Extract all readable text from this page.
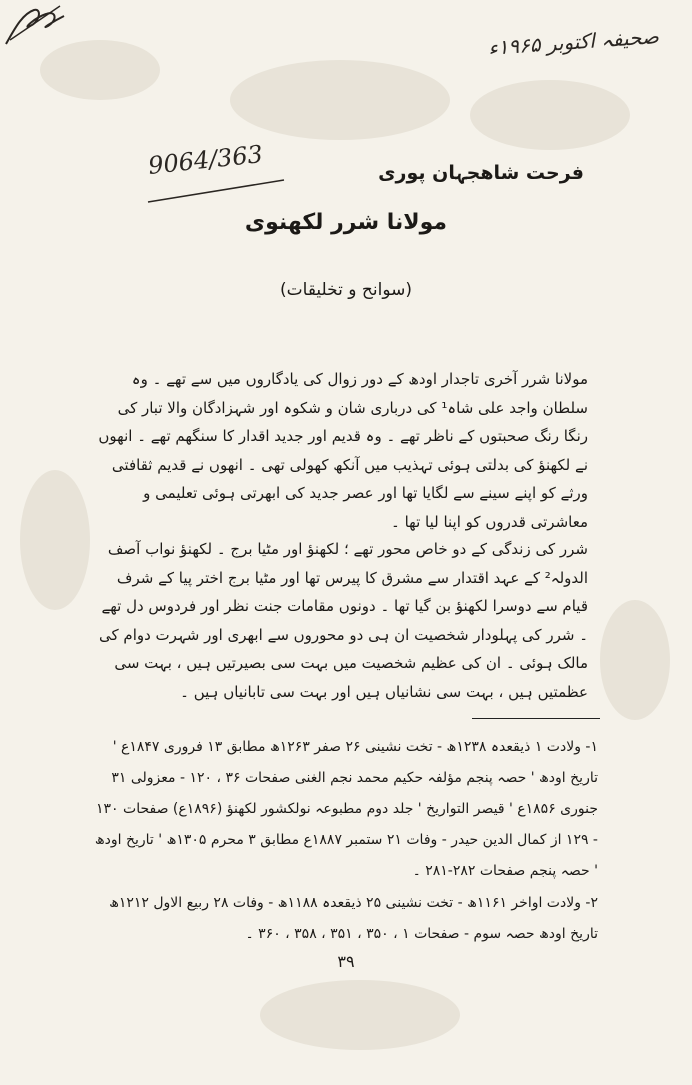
صحيفہ اکتوبر ۱۹۶۵ء
9064/363	فرحت شاهجہان پوری
مولانا شرر لکھنوی
(سوانح و تخلیقات)
مولانا شرر آخری تاجدار اودھ کے دور زوال کی یادگاروں میں سے تھے ۔ وہ سلطان واجد علی شاہ¹ کی درباری شان و شکوہ اور شہزادگان والا تبار کی رنگا رنگ صحبتوں کے ناظر تھے ۔ وہ قدیم اور جدید اقدار کا سنگھم تھے ۔ انھوں نے لکھنؤ کی بدلتی ہوئی تہذیب میں آنکھ کھولی تھی ۔ انھوں نے قدیم ثقافتی ورثے کو اپنے سینے سے لگایا تھا اور عصر جدید کی ابھرتی ہوئی تعلیمی و معاشرتی قدروں کو اپنا لیا تھا ۔
شرر کی زندگی کے دو خاص محور تھے ؛ لکھنؤ اور مٹیا برج ۔ لکھنؤ نواب آصف الدولہ² کے عہد اقتدار سے مشرق کا پیرس تھا اور مٹیا برج اختر پیا کے شرف قیام سے دوسرا لکھنؤ بن گیا تھا ۔ دونوں مقامات جنت نظر اور فردوس دل تھے ۔ شرر کی پہلودار شخصیت ان ہی دو محوروں سے ابھری اور شہرت دوام کی مالک ہوئی ۔ ان کی عظیم شخصیت میں بہت سی بصیرتیں ہیں ، بہت سی عظمتیں ہیں ، بہت سی نشانیاں ہیں اور بہت سی تابانیاں ہیں ۔
۱- ولادت ۱ ذیقعدہ ۱۲۳۸ھ - تخت نشینی ۲۶ صفر ۱۲۶۳ھ مطابق ۱۳ فروری ۱۸۴۷ع ' تاریخ اودھ ' حصہ پنجم مؤلفہ حکیم محمد نجم الغنی صفحات ۳۶ ، ۱۲۰ - معزولی ۳۱ جنوری ۱۸۵۶ع ' قیصر التواریخ ' جلد دوم مطبوعہ نولکشور لکھنؤ (۱۸۹۶ع) صفحات ۱۳۰ - ۱۲۹ از کمال الدین حیدر - وفات ۲۱ ستمبر ۱۸۸۷ع مطابق ۳ محرم ۱۳۰۵ھ ' تاریخ اودھ ' حصہ پنجم صفحات ۲۸۲-۲۸۱ ۔
۲- ولادت اواخر ۱۱۶۱ھ - تخت نشینی ۲۵ ذیقعدہ ۱۱۸۸ھ - وفات ۲۸ ربیع الاول ۱۲۱۲ھ تاریخ اودھ حصہ سوم - صفحات ۱ ، ۳۵۰ ، ۳۵۱ ، ۳۵۸ ، ۳۶۰ ۔
۳۹
